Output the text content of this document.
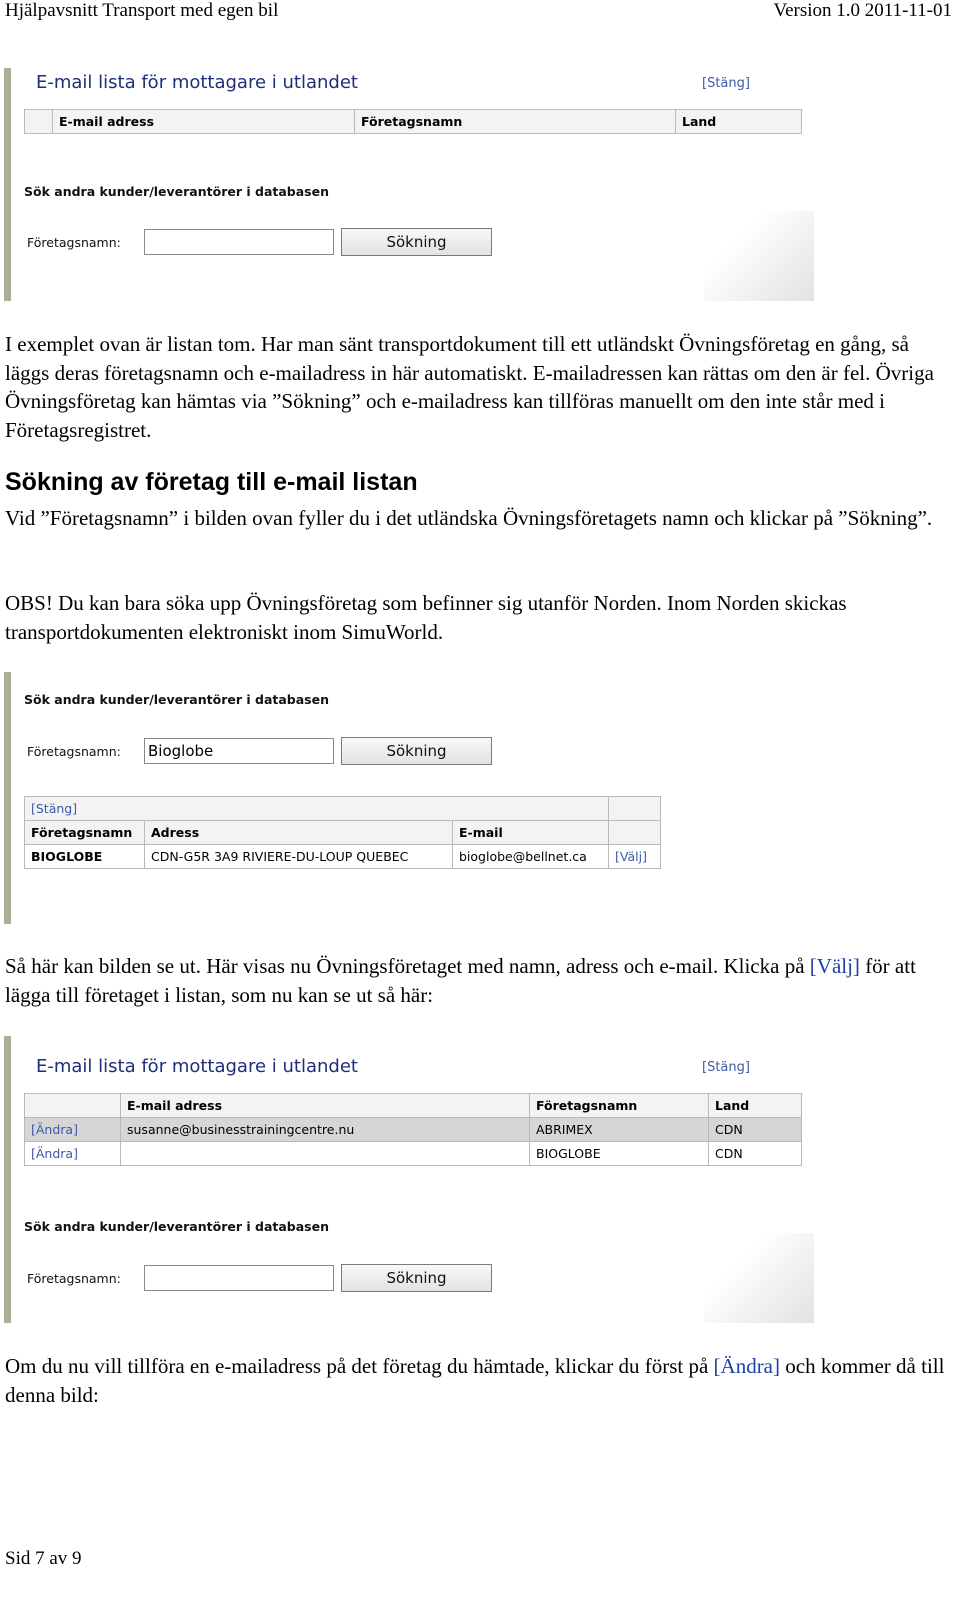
Hjälpavsnitt Transport med egen bil	Version 1.0 2011-11-01
E-mail lista för mottagare i utlandet	[Stäng]
	E-mail adress	Företagsnamn	Land
Sök andra kunder/leverantörer i databasen
Företagsnamn:	Sökning
I exemplet ovan är listan tom. Har man sänt transportdokument till ett utländskt Övningsföretag en gång, så läggs deras företagsnamn och e-mailadress in här automatiskt. E-mailadressen kan rättas om den är fel. Övriga Övningsföretag kan hämtas via ”Sökning” och e-mailadress kan tillföras manuellt om den inte står med i Företagsregistret.
Sökning av företag till e-mail listan
Vid ”Företagsnamn” i bilden ovan fyller du i det utländska Övningsföretagets namn och klickar på ”Sökning”.
OBS! Du kan bara söka upp Övningsföretag som befinner sig utanför Norden. Inom Norden skickas transportdokumenten elektroniskt inom SimuWorld.
Sök andra kunder/leverantörer i databasen
Företagsnamn: Bioglobe	Sökning
[Stäng]			
Företagsnamn	Adress	E-mail	
BIOGLOBE	CDN-G5R 3A9 RIVIERE-DU-LOUP QUEBEC	bioglobe@bellnet.ca	[Välj]
Så här kan bilden se ut. Här visas nu Övningsföretaget med namn, adress och e-mail. Klicka på [Välj] för att lägga till företaget i listan, som nu kan se ut så här:
E-mail lista för mottagare i utlandet	[Stäng]
	E-mail adress	Företagsnamn	Land
[Ändra]	susanne@businesstrainingcentre.nu	ABRIMEX	CDN
[Ändra]		BIOGLOBE	CDN
Sök andra kunder/leverantörer i databasen
Företagsnamn:	Sökning
Om du nu vill tillföra en e-mailadress på det företag du hämtade, klickar du först på [Ändra] och kommer då till denna bild:
Sid 7 av 9
